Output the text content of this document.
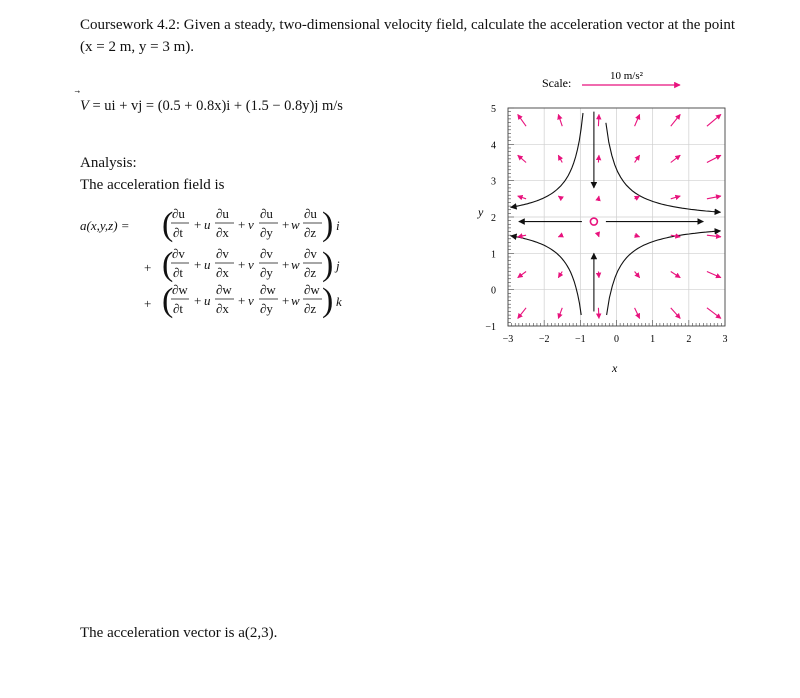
Coursework 4.2: Given a steady, two-dimensional velocity field, calculate the acceleration vector at the point
(x = 2 m, y = 3 m).
V = ui + vj = (0.5 + 0.8x)i + (1.5 − 0.8y)j m/s
Analysis:
The acceleration field is
a(x,y,z) = (
∂u
∂t
+ u
∂u
∂x
+ v
∂u
∂y
+ w
∂u
∂z ) i
+ (
∂v
∂t
+ u
∂v
∂x
+ v
∂v
∂y
+ w
∂v
∂z ) j
+ (
∂w
∂t
+ u
∂w
∂x
+ v
∂w
∂y
+ w
∂w
∂z ) k
The acceleration vector is a(2,3).
Scale:	10 m/s²
y
x
5
4
3
2
1
0
−1
−3	−2	−1	0	1	2	3
